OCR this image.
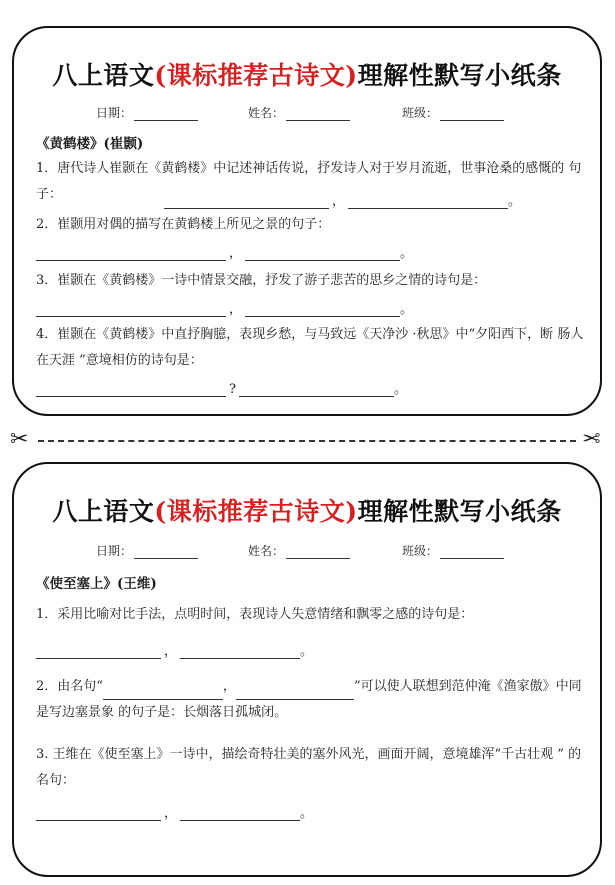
八上语文(课标推荐古诗文)理解性默写小纸条
日期：	姓名：	班级：
《黄鹤楼》(崔颢)
1．唐代诗人崔颢在《黄鹤楼》中记述神话传说，抒发诗人对于岁月流逝，世事沧桑的感慨的 句子：	，	。
2．崔颢用对偶的描写在黄鹤楼上所见之景的句子：
，	。
3．崔颢在《黄鹤楼》一诗中情景交融，抒发了游子悲苦的思乡之情的诗句是：
，	。
4．崔颢在《黄鹤楼》中直抒胸臆，表现乡愁，与马致远《天净沙 ·秋思》中“夕阳西下，断 肠人在天涯 ”意境相仿的诗句是：
?	。
✂	✂
八上语文(课标推荐古诗文)理解性默写小纸条
日期：	姓名：	班级：
《使至塞上》(王维)
1．采用比喻对比手法，点明时间，表现诗人失意情绪和飘零之感的诗句是：
，	。
2．由名句“	，	”可以使人联想到范仲淹《渔家傲》中同是写边塞景象 的句子是：长烟落日孤城闭。
3. 王维在《使至塞上》一诗中，描绘奇特壮美的塞外风光，画面开阔，意境雄浑“千古壮观 ” 的名句：
，	。
